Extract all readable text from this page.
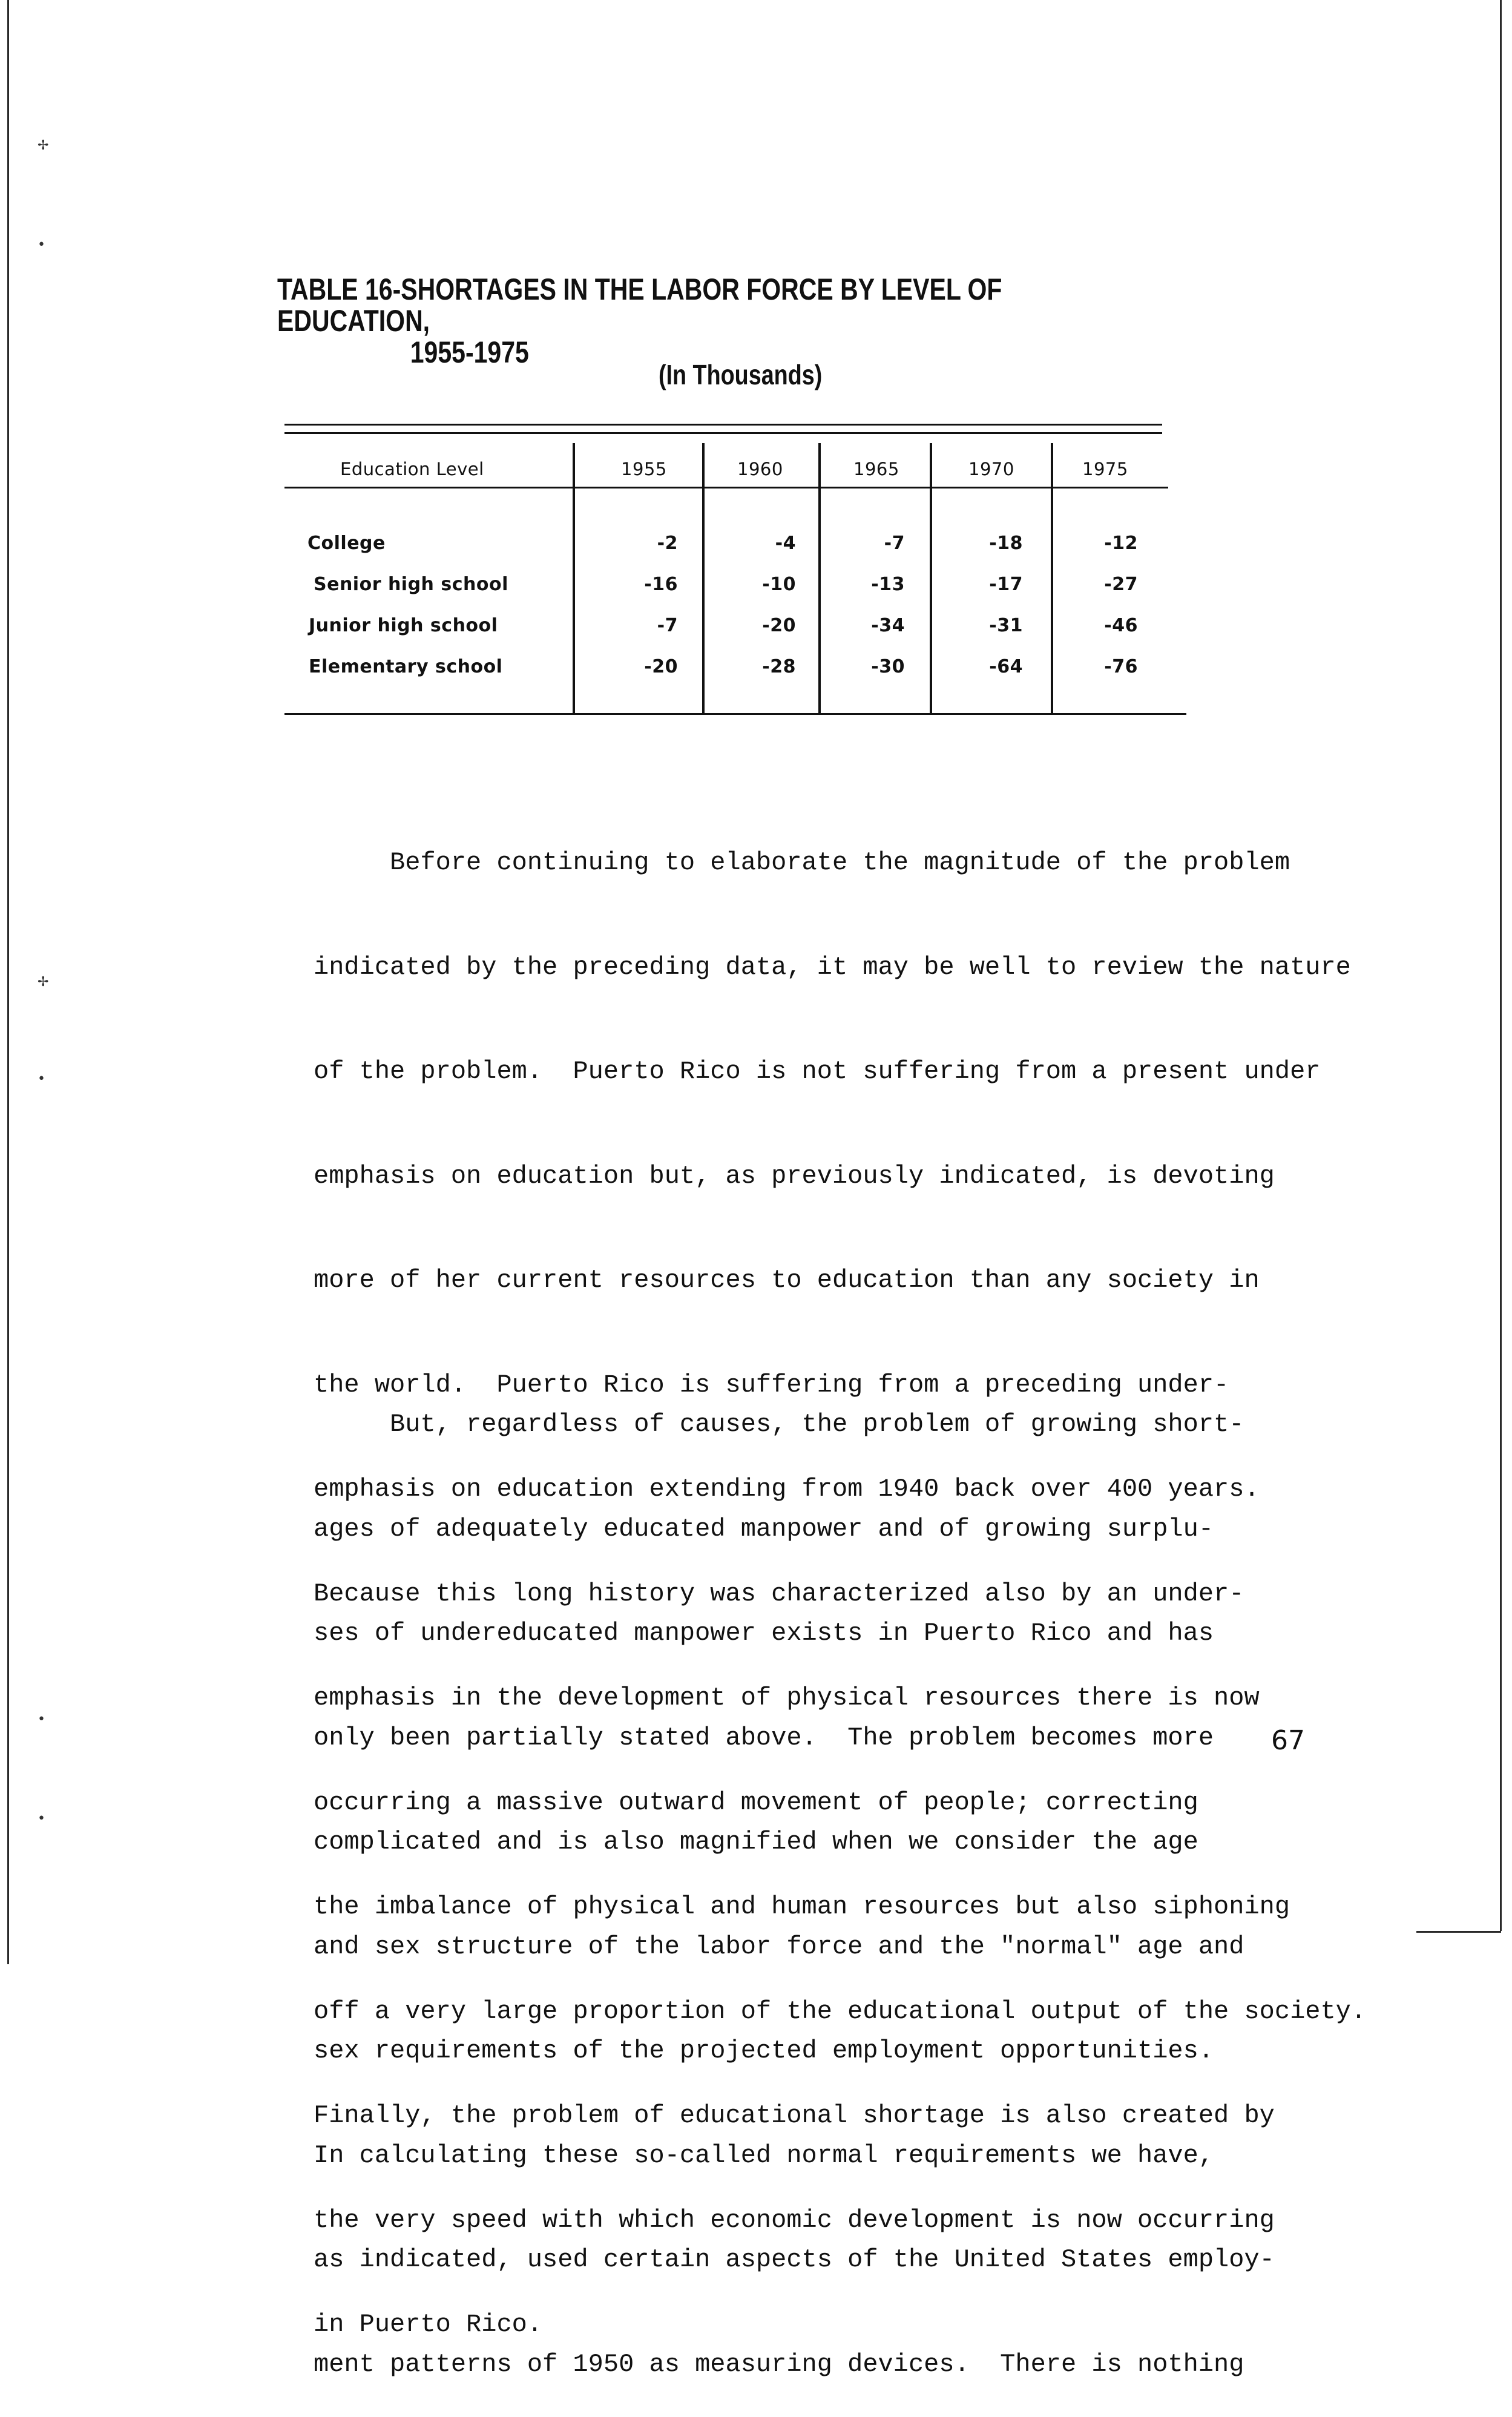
✢
•
✢
•
•
•
TABLE 16-SHORTAGES IN THE LABOR FORCE BY LEVEL OF EDUCATION,
1955-1975
(In Thousands)
Education Level	1955	1960	1965	1970	1975
College	-2	-4	-7	-18	-12
Senior high school	-16	-10	-13	-17	-27
Junior high school	-7	-20	-34	-31	-46
Elementary school	-20	-28	-30	-64	-76

Before continuing to elaborate the magnitude of the problem

indicated by the preceding data, it may be well to review the nature

of the problem.  Puerto Rico is not suffering from a present under

emphasis on education but, as previously indicated, is devoting

more of her current resources to education than any society in

the world.  Puerto Rico is suffering from a preceding under-

emphasis on education extending from 1940 back over 400 years.

Because this long history was characterized also by an under-

emphasis in the development of physical resources there is now

occurring a massive outward movement of people; correcting

the imbalance of physical and human resources but also siphoning

off a very large proportion of the educational output of the society.

Finally, the problem of educational shortage is also created by

the very speed with which economic development is now occurring

in Puerto Rico.

But, regardless of causes, the problem of growing short-

ages of adequately educated manpower and of growing surplu-

ses of undereducated manpower exists in Puerto Rico and has

only been partially stated above.  The problem becomes more

complicated and is also magnified when we consider the age

and sex structure of the labor force and the "normal" age and

sex requirements of the projected employment opportunities.

In calculating these so-called normal requirements we have,

as indicated, used certain aspects of the United States employ-

ment patterns of 1950 as measuring devices.  There is nothing

67
